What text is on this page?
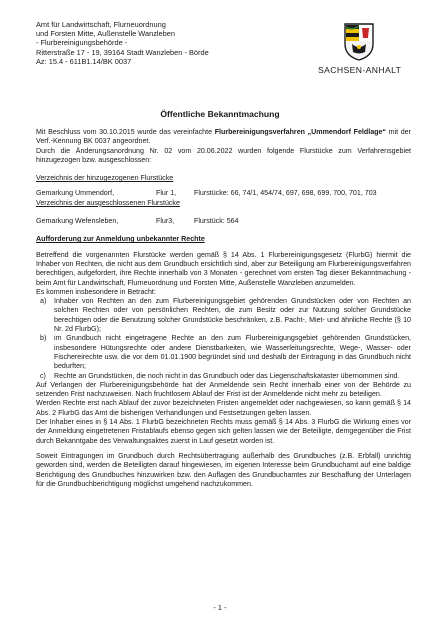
Amt für Landwirtschaft, Flurneuordnung
und Forsten Mitte, Außenstelle Wanzleben
- Flurbereinigungsbehörde -
Ritterstraße 17 - 19, 39164 Stadt Wanzleben - Börde
Az: 15.4 - 611B1.14/BK 0037
SACHSEN-ANHALT
Öffentliche Bekanntmachung

Mit Beschluss vom 30.10.2015 wurde das vereinfachte Flurbereinigungsverfahren „Ummendorf Feldlage“ mit der Verf.-Kennung BK 0037 angeordnet.

Durch die Änderungsanordnung Nr. 02 vom 20.06.2022 wurden folgende Flurstücke zum Verfahrensgebiet hinzugezogen bzw. ausgeschlossen:

Verzeichnis der hinzugezogenen Flurstücke

Gemarkung Ummendorf,	Flur 1,	Flurstücke: 66, 74/1, 454/74, 697, 698, 699, 700, 701, 703

Verzeichnis der ausgeschlossenen Flurstücke

Gemarkung Wefensleben,	Flur3,	Flurstück: 564

Aufforderung zur Anmeldung unbekannter Rechte

Betreffend die vorgenannten Flurstücke werden gemäß § 14 Abs. 1 Flurbereinigungsgesetz (FlurbG) hiermit die Inhaber von Rechten, die nicht aus dem Grundbuch ersichtlich sind, aber zur Beteiligung am Flurbereinigungsverfahren berechtigen, aufgefordert, ihre Rechte innerhalb von 3 Monaten - gerechnet vom ersten Tag dieser Bekanntmachung - beim Amt für Landwirtschaft, Flurneuordnung und Forsten Mitte, Außenstelle Wanzleben anzumelden.

Es kommen insbesondere in Betracht:

a)	Inhaber von Rechten an den zum Flurbereinigungsgebiet gehörenden Grundstücken oder von Rechten an solchen Rechten oder von persönlichen Rechten, die zum Besitz oder zur Nutzung solcher Grundstücke berechtigen oder die Benutzung solcher Grundstücke beschränken, z.B. Pacht-, Miet- und ähnliche Rechte (§ 10 Nr. 2d FlurbG);
b)	im Grundbuch nicht eingetragene Rechte an den zum Flurbereinigungsgebiet gehörenden Grundstücken, insbesondere Hütungsrechte oder andere Dienstbarkeiten, wie Wasserleitungsrechte, Wege-, Wasser- oder Fischereirechte usw. die vor dem 01.01.1900 begründet sind und deshalb der Eintragung in das Grundbuch nicht bedurften;
c)	Rechte an Grundstücken, die noch nicht in das Grundbuch oder das Liegenschaftskataster übernommen sind.

Auf Verlangen der Flurbereinigungsbehörde hat der Anmeldende sein Recht innerhalb einer von der Behörde zu setzenden Frist nachzuweisen. Nach fruchtlosem Ablauf der Frist ist der Anmeldende nicht mehr zu beteiligen.

Werden Rechte erst nach Ablauf der zuvor bezeichneten Fristen angemeldet oder nachgewiesen, so kann gemäß § 14 Abs. 2 FlurbG das Amt die bisherigen Verhandlungen und Festsetzungen gelten lassen.

Der Inhaber eines in § 14 Abs. 1 FlurbG bezeichneten Rechts muss gemäß § 14 Abs. 3 FlurbG die Wirkung eines vor der Anmeldung eingetretenen Fristablaufs ebenso gegen sich gelten lassen wie der Beteiligte, demgegenüber die Frist durch Bekanntgabe des Verwaltungsaktes zuerst in Lauf gesetzt worden ist.

Soweit Eintragungen im Grundbuch durch Rechtsübertragung außerhalb des Grundbuches (z.B. Erbfall) unrichtig geworden sind, werden die Beteiligten darauf hingewiesen, im eigenen Interesse beim Grundbuchamt auf eine baldige Berichtigung des Grundbuches hinzuwirken bzw. den Auflagen des Grundbuchamtes zur Beschaffung der Unterlagen für die Grundbuchberichtigung möglichst umgehend nachzukommen.

- 1 -
